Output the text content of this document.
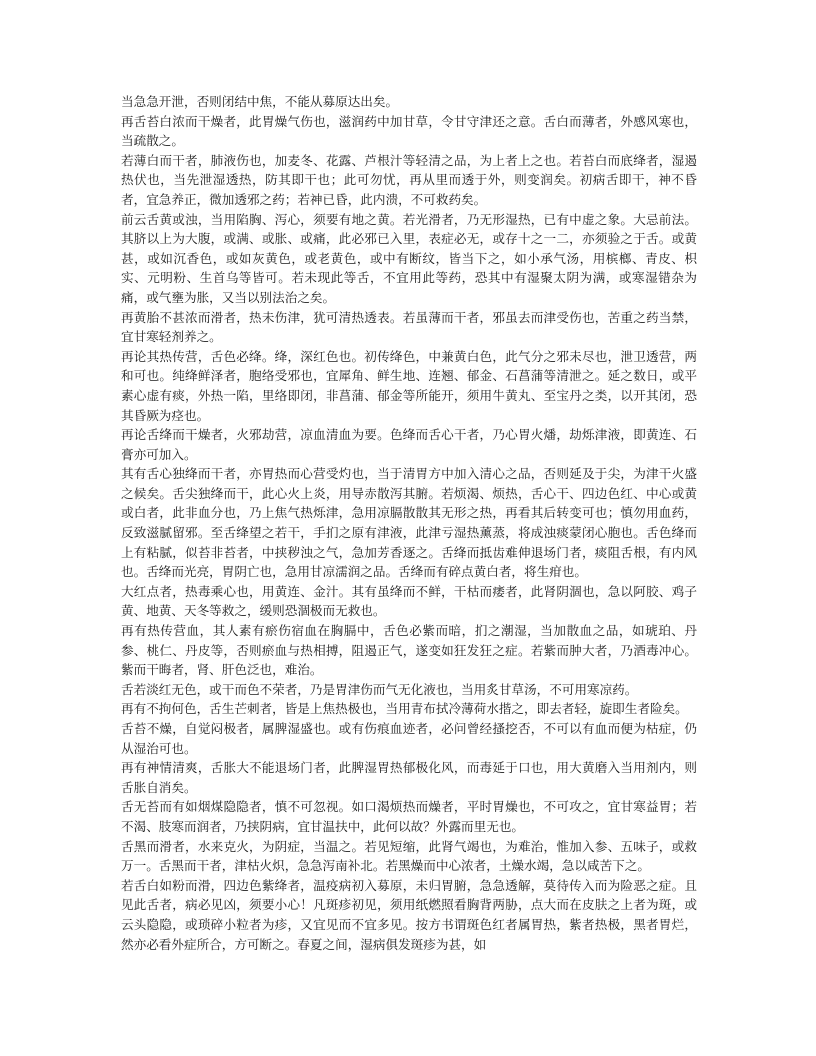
当急急开泄，否则闭结中焦，不能从募原达出矣。

再舌苔白浓而干燥者，此胃燥气伤也，滋润药中加甘草，令甘守津还之意。舌白而薄者，外感风寒也，当疏散之。

若薄白而干者，肺液伤也，加麦冬、花露、芦根汁等轻清之品，为上者上之也。若苔白而底绛者，湿遏热伏也，当先泄湿透热，防其即干也；此可勿忧，再从里而透于外，则变润矣。初病舌即干，神不昏者，宜急养正，微加透邪之药；若神已昏，此内溃，不可救药矣。

前云舌黄或浊，当用陷胸、泻心，须要有地之黄。若光滑者，乃无形湿热，已有中虚之象。大忌前法。其脐以上为大腹，或满、或胀、或痛，此必邪已入里，表症必无，或存十之一二，亦须验之于舌。或黄甚，或如沉香色，或如灰黄色，或老黄色，或中有断纹，皆当下之，如小承气汤，用槟榔、青皮、枳实、元明粉、生首乌等皆可。若未现此等舌，不宜用此等药，恐其中有湿聚太阴为满，或寒湿错杂为痛，或气壅为胀，又当以别法治之矣。

再黄胎不甚浓而滑者，热未伤津，犹可清热透表。若虽薄而干者，邪虽去而津受伤也，苦重之药当禁，宜甘寒轻剂养之。

再论其热传营，舌色必绛。绛，深红色也。初传绛色，中兼黄白色，此气分之邪未尽也，泄卫透营，两和可也。纯绛鲜泽者，胞络受邪也，宜犀角、鲜生地、连翘、郁金、石菖蒲等清泄之。延之数日，或平素心虚有痰，外热一陷，里络即闭，非菖蒲、郁金等所能开，须用牛黄丸、至宝丹之类，以开其闭，恐其昏厥为痉也。

再论舌绛而干燥者，火邪劫营，凉血清血为要。色绛而舌心干者，乃心胃火燔，劫烁津液，即黄连、石膏亦可加入。

其有舌心独绛而干者，亦胃热而心营受灼也，当于清胃方中加入清心之品，否则延及于尖，为津干火盛之候矣。舌尖独绛而干，此心火上炎，用导赤散泻其腑。若烦渴、烦热，舌心干、四边色红、中心或黄或白者，此非血分也，乃上焦气热烁津，急用凉膈散散其无形之热，再看其后转变可也；慎勿用血药，反致滋腻留邪。至舌绛望之若干，手扪之原有津液，此津亏湿热薰蒸，将成浊痰蒙闭心胞也。舌色绛而上有粘腻，似苔非苔者，中挟秽浊之气，急加芳香逐之。舌绛而抵齿难伸退场门者，痰阻舌根，有内风也。舌绛而光亮，胃阴亡也，急用甘凉濡润之品。舌绛而有碎点黄白者，将生疳也。

大红点者，热毒乘心也，用黄连、金汁。其有虽绛而不鲜，干枯而痿者，此肾阴涸也，急以阿胶、鸡子黄、地黄、天冬等救之，缓则恐涸极而无救也。

再有热传营血，其人素有瘀伤宿血在胸膈中，舌色必紫而暗，扪之潮湿，当加散血之品，如琥珀、丹参、桃仁、丹皮等，否则瘀血与热相搏，阻遏正气，遂变如狂发狂之症。若紫而肿大者，乃酒毒冲心。紫而干晦者，肾、肝色泛也，难治。

舌若淡红无色，或干而色不荣者，乃是胃津伤而气无化液也，当用炙甘草汤，不可用寒凉药。

再有不拘何色，舌生芒刺者，皆是上焦热极也，当用青布拭冷薄荷水揩之，即去者轻，旋即生者险矣。

舌苔不燥，自觉闷极者，属脾湿盛也。或有伤痕血迹者，必问曾经搔挖否，不可以有血而便为枯症，仍从湿治可也。

再有神情清爽，舌胀大不能退场门者，此脾湿胃热郁极化风，而毒延于口也，用大黄磨入当用剂内，则舌胀自消矣。

舌无苔而有如烟煤隐隐者，慎不可忽视。如口渴烦热而燥者，平时胃燥也，不可攻之，宜甘寒益胃；若不渴、肢寒而润者，乃挟阴病，宜甘温扶中，此何以故？外露而里无也。

舌黑而滑者，水来克火，为阴症，当温之。若见短缩，此肾气竭也，为难治，惟加入参、五味子，或救万一。舌黑而干者，津枯火炽，急急泻南补北。若黑燥而中心浓者，土燥水竭，急以咸苦下之。

若舌白如粉而滑，四边色紫绛者，温疫病初入募原，未归胃腑，急急透解，莫待传入而为险恶之症。且见此舌者，病必见凶，须要小心！凡斑疹初见，须用纸燃照看胸背两胁，点大而在皮肤之上者为斑，或云头隐隐，或琐碎小粒者为疹，又宜见而不宜多见。按方书谓斑色红者属胃热，紫者热极，黑者胃烂，然亦必看外症所合，方可断之。春夏之间，湿病俱发斑疹为甚，如
